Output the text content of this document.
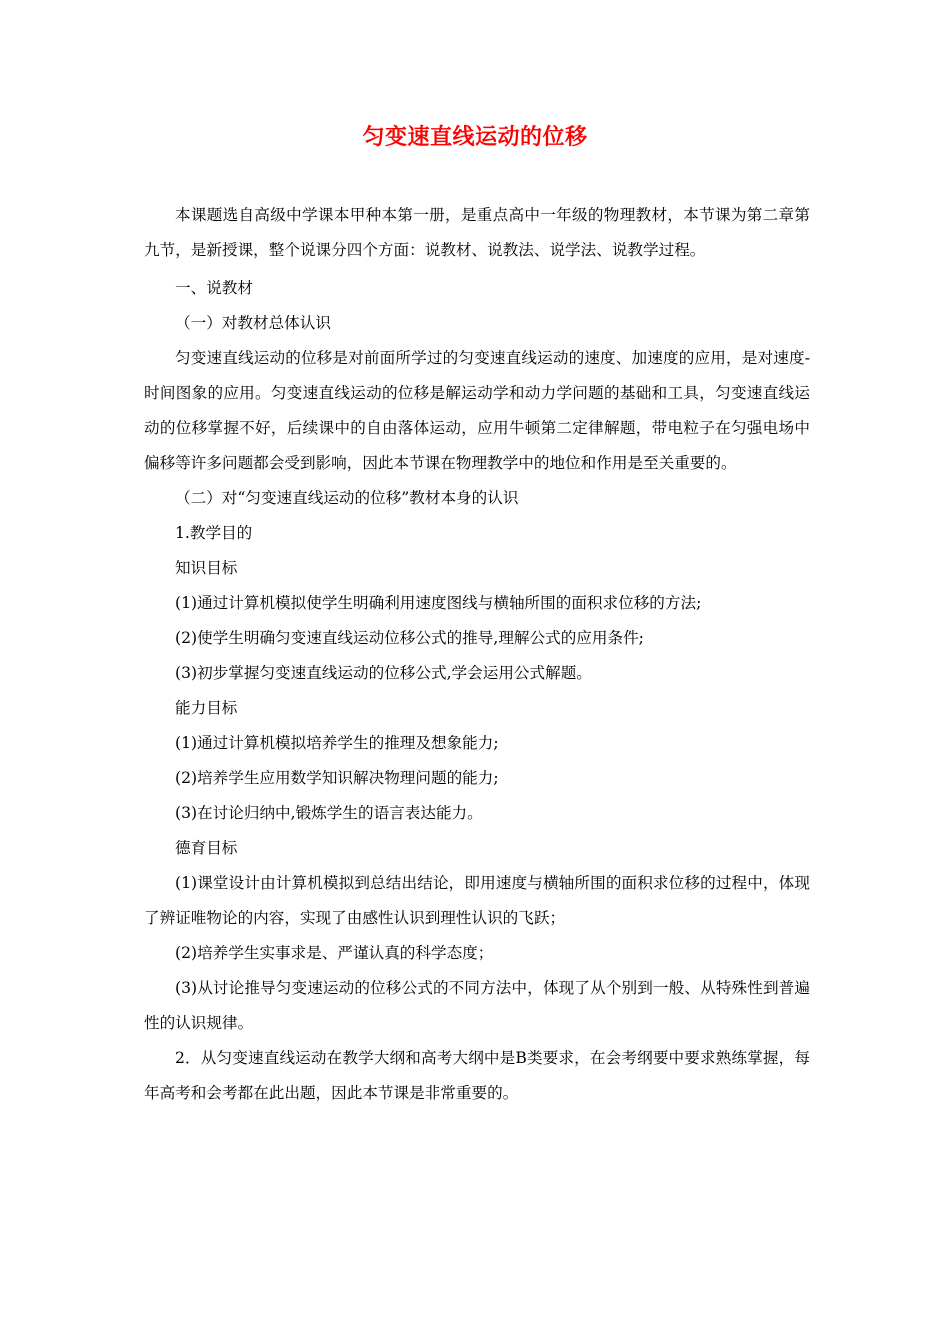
匀变速直线运动的位移

本课题选自高级中学课本甲种本第一册，是重点高中一年级的物理教材，本节课为第二章第九节，是新授课，整个说课分四个方面：说教材、说教法、说学法、说教学过程。

一、说教材

（一）对教材总体认识

匀变速直线运动的位移是对前面所学过的匀变速直线运动的速度、加速度的应用，是对速度-时间图象的应用。匀变速直线运动的位移是解运动学和动力学问题的基础和工具，匀变速直线运动的位移掌握不好，后续课中的自由落体运动，应用牛顿第二定律解题，带电粒子在匀强电场中偏移等许多问题都会受到影响，因此本节课在物理教学中的地位和作用是至关重要的。

（二）对“匀变速直线运动的位移”教材本身的认识

1.教学目的

知识目标

(1)通过计算机模拟使学生明确利用速度图线与横轴所围的面积求位移的方法;

(2)使学生明确匀变速直线运动位移公式的推导,理解公式的应用条件;

(3)初步掌握匀变速直线运动的位移公式,学会运用公式解题。

能力目标

(1)通过计算机模拟培养学生的推理及想象能力;

(2)培养学生应用数学知识解决物理问题的能力;

(3)在讨论归纳中,锻炼学生的语言表达能力。

德育目标

(1)课堂设计由计算机模拟到总结出结论，即用速度与横轴所围的面积求位移的过程中，体现了辨证唯物论的内容，实现了由感性认识到理性认识的飞跃；

(2)培养学生实事求是、严谨认真的科学态度；

(3)从讨论推导匀变速运动的位移公式的不同方法中，体现了从个别到一般、从特殊性到普遍性的认识规律。

2．从匀变速直线运动在教学大纲和高考大纲中是B类要求，在会考纲要中要求熟练掌握，每年高考和会考都在此出题，因此本节课是非常重要的。
